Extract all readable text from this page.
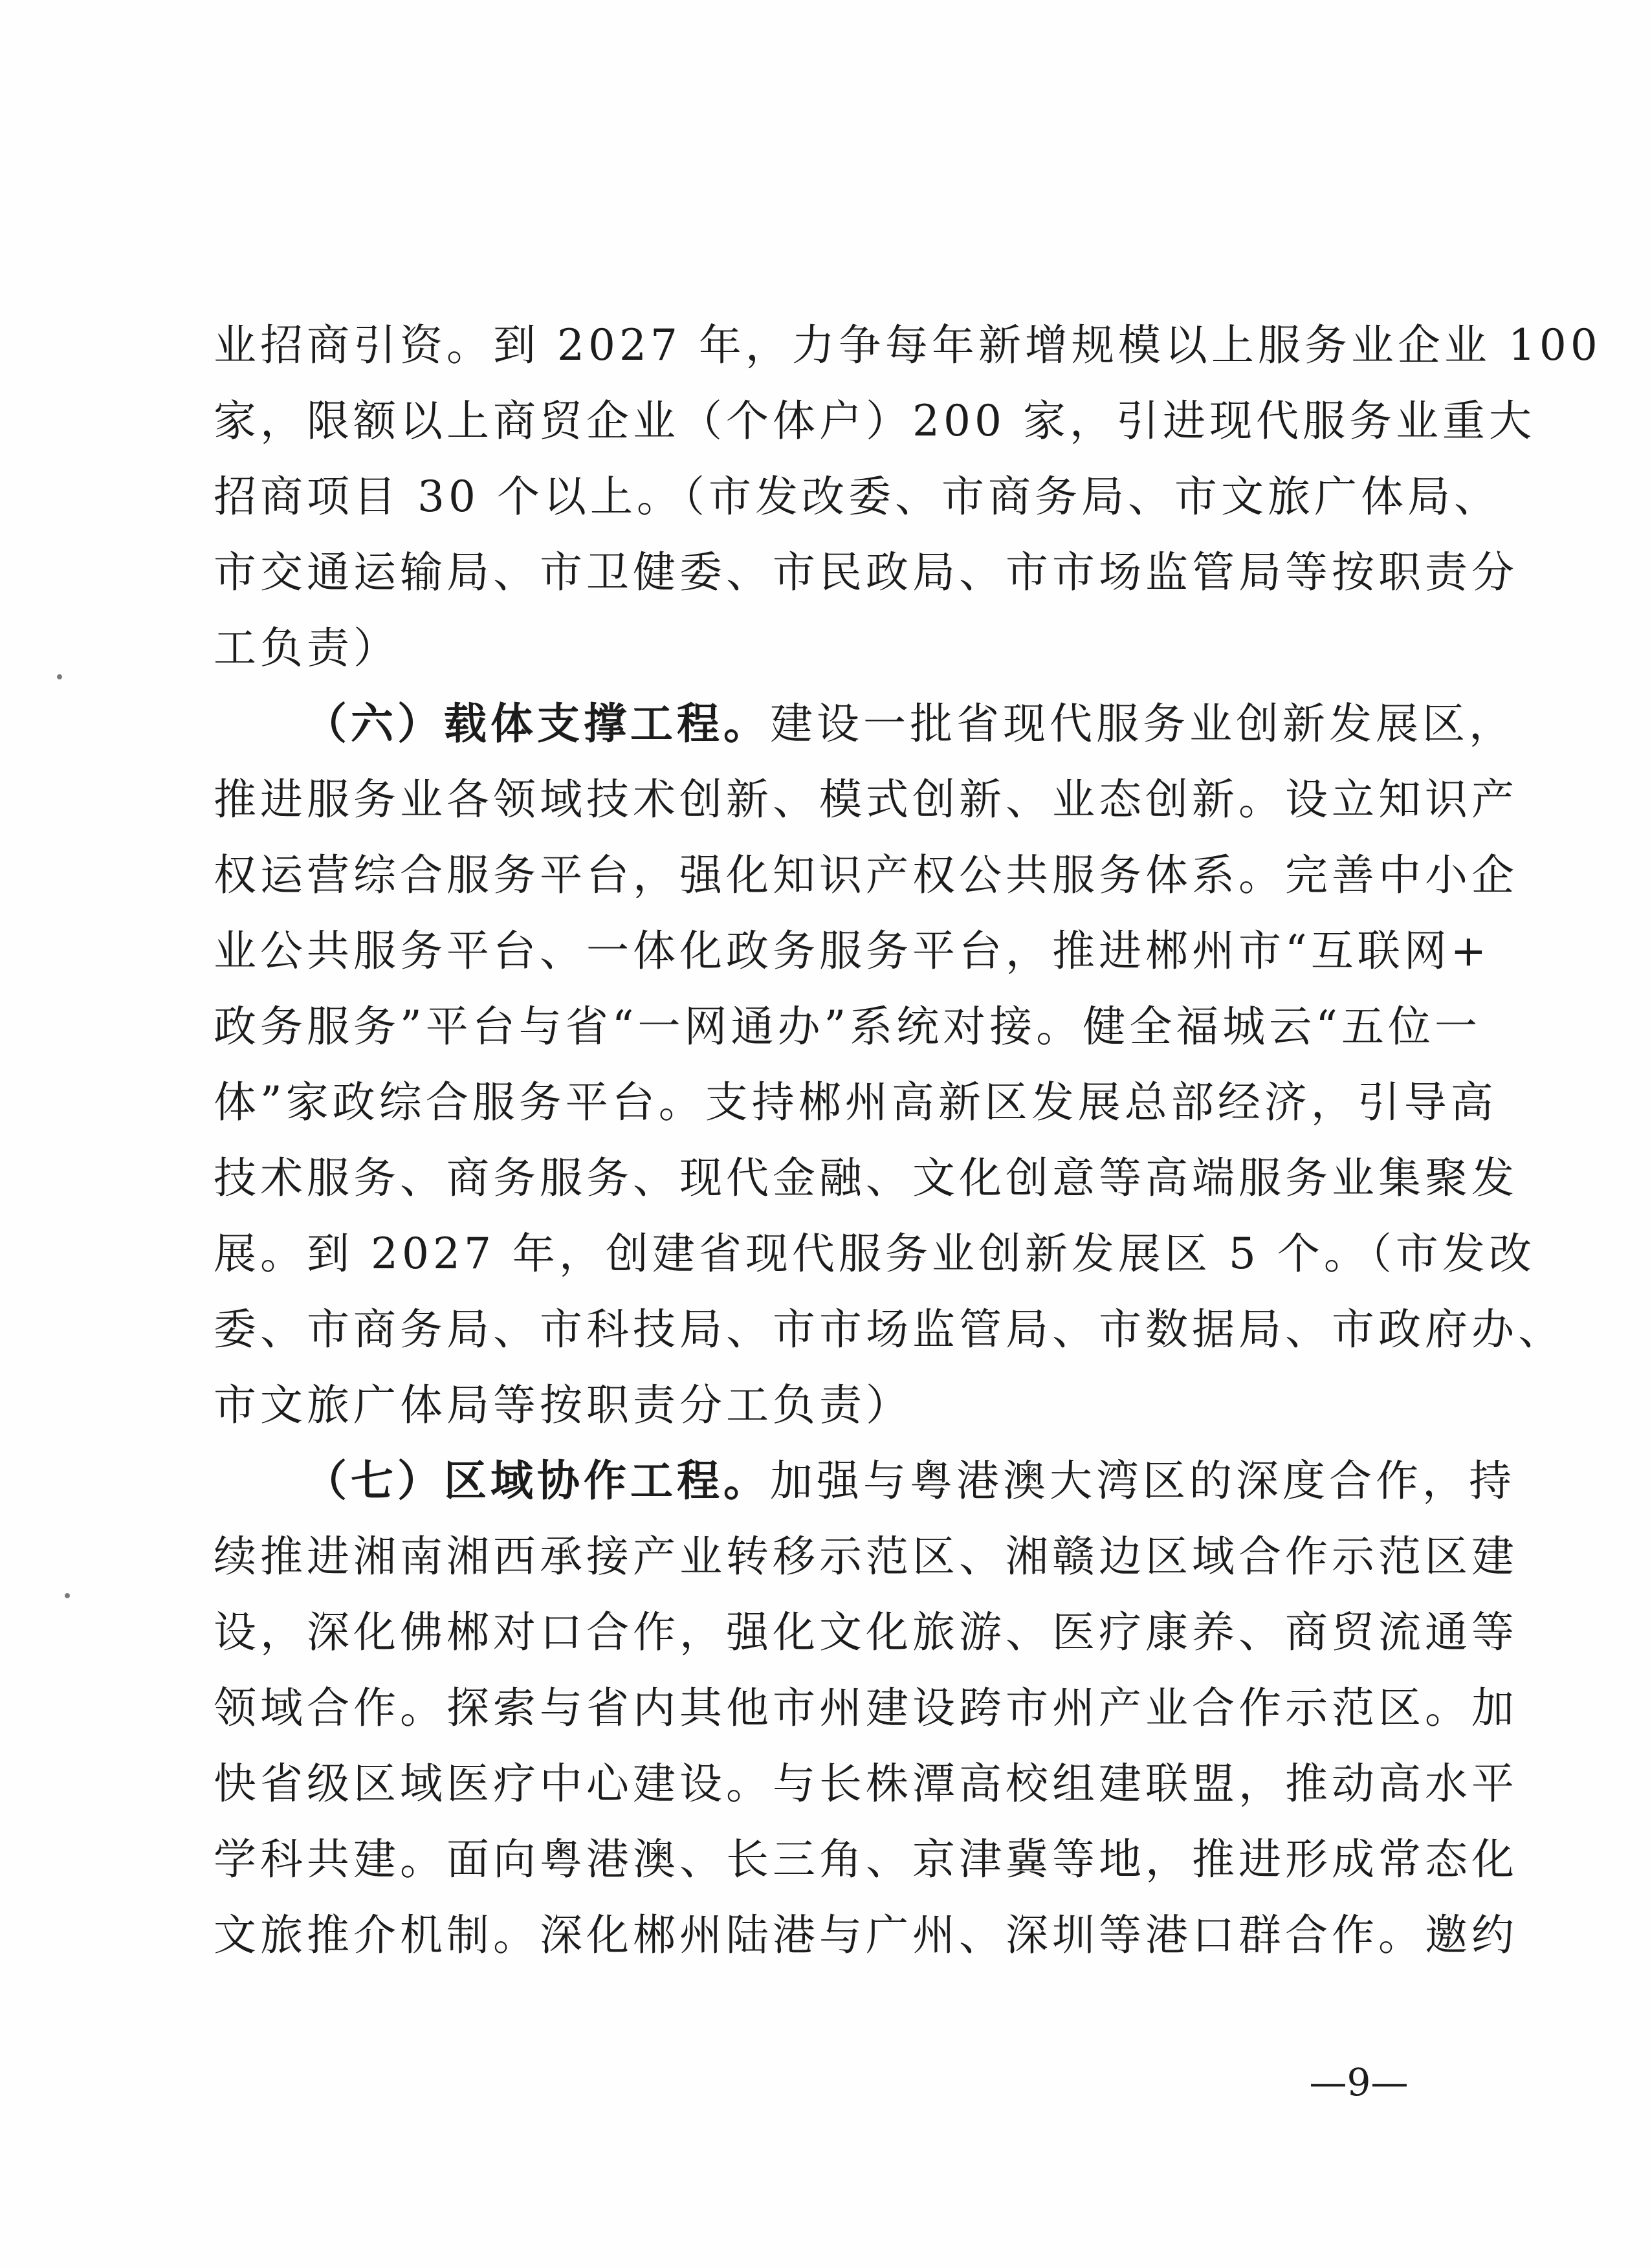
业招商引资。到 2027 年，力争每年新增规模以上服务业企业 100
家，限额以上商贸企业（个体户）200 家，引进现代服务业重大
招商项目 30 个以上。（市发改委、市商务局、市文旅广体局、
市交通运输局、市卫健委、市民政局、市市场监管局等按职责分
工负责）
（六）载体支撑工程。建设一批省现代服务业创新发展区，
推进服务业各领域技术创新、模式创新、业态创新。设立知识产
权运营综合服务平台，强化知识产权公共服务体系。完善中小企
业公共服务平台、一体化政务服务平台，推进郴州市“互联网+
政务服务”平台与省“一网通办”系统对接。健全福城云“五位一
体”家政综合服务平台。支持郴州高新区发展总部经济，引导高
技术服务、商务服务、现代金融、文化创意等高端服务业集聚发
展。到 2027 年，创建省现代服务业创新发展区 5 个。（市发改
委、市商务局、市科技局、市市场监管局、市数据局、市政府办、
市文旅广体局等按职责分工负责）
（七）区域协作工程。加强与粤港澳大湾区的深度合作，持
续推进湘南湘西承接产业转移示范区、湘赣边区域合作示范区建
设，深化佛郴对口合作，强化文化旅游、医疗康养、商贸流通等
领域合作。探索与省内其他市州建设跨市州产业合作示范区。加
快省级区域医疗中心建设。与长株潭高校组建联盟，推动高水平
学科共建。面向粤港澳、长三角、京津冀等地，推进形成常态化
文旅推介机制。深化郴州陆港与广州、深圳等港口群合作。邀约
—9—
